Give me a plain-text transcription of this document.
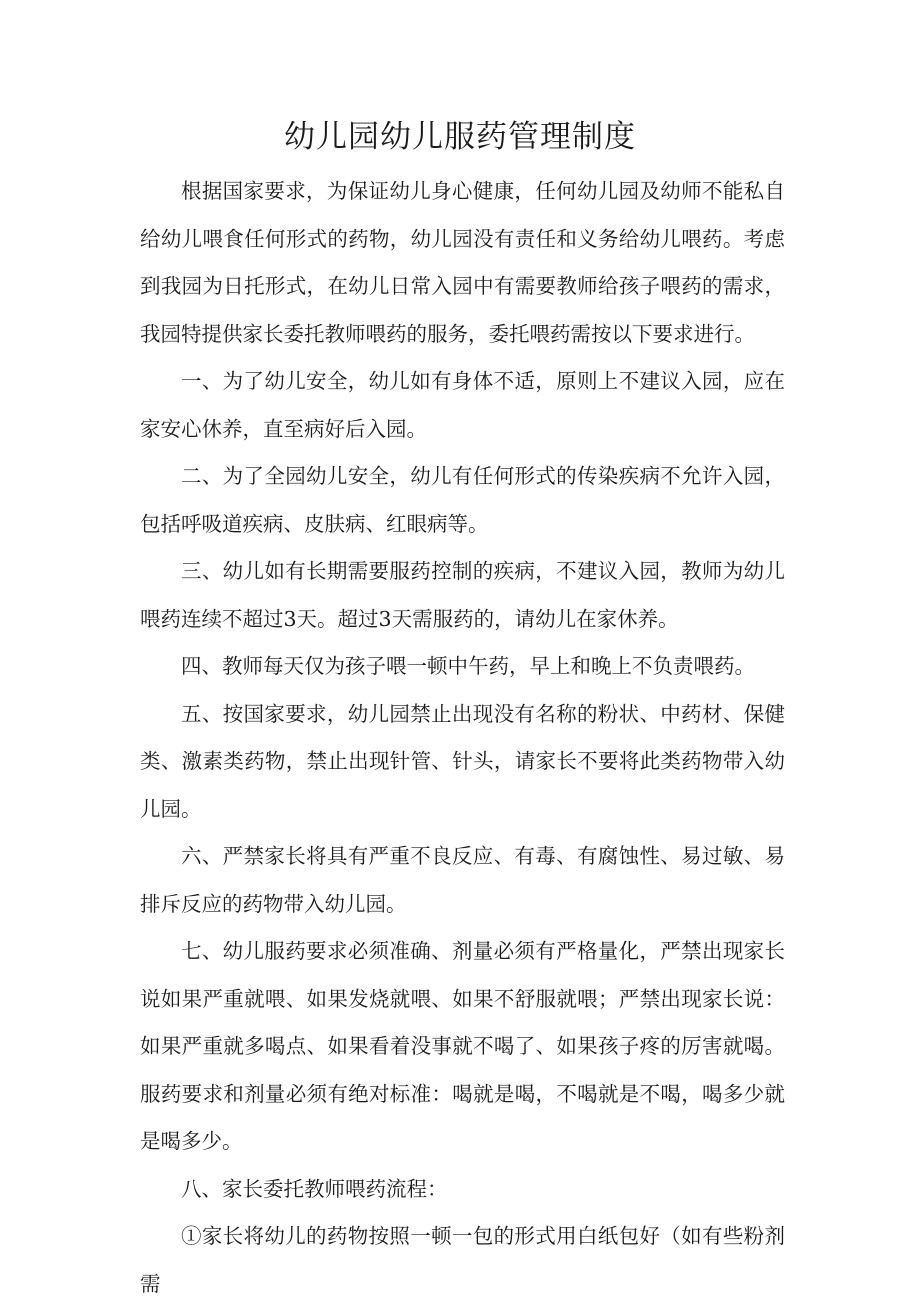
幼儿园幼儿服药管理制度

根据国家要求，为保证幼儿身心健康，任何幼儿园及幼师不能私自给幼儿喂食任何形式的药物，幼儿园没有责任和义务给幼儿喂药。考虑到我园为日托形式，在幼儿日常入园中有需要教师给孩子喂药的需求，我园特提供家长委托教师喂药的服务，委托喂药需按以下要求进行。

一、为了幼儿安全，幼儿如有身体不适，原则上不建议入园，应在家安心休养，直至病好后入园。

二、为了全园幼儿安全，幼儿有任何形式的传染疾病不允许入园，包括呼吸道疾病、皮肤病、红眼病等。

三、幼儿如有长期需要服药控制的疾病，不建议入园，教师为幼儿喂药连续不超过3天。超过3天需服药的，请幼儿在家休养。

四、教师每天仅为孩子喂一顿中午药，早上和晚上不负责喂药。

五、按国家要求，幼儿园禁止出现没有名称的粉状、中药材、保健类、激素类药物，禁止出现针管、针头，请家长不要将此类药物带入幼儿园。

六、严禁家长将具有严重不良反应、有毒、有腐蚀性、易过敏、易排斥反应的药物带入幼儿园。

七、幼儿服药要求必须准确、剂量必须有严格量化，严禁出现家长说如果严重就喂、如果发烧就喂、如果不舒服就喂；严禁出现家长说：如果严重就多喝点、如果看着没事就不喝了、如果孩子疼的厉害就喝。服药要求和剂量必须有绝对标准：喝就是喝，不喝就是不喝，喝多少就是喝多少。

八、家长委托教师喂药流程：

①家长将幼儿的药物按照一顿一包的形式用白纸包好（如有些粉剂需
